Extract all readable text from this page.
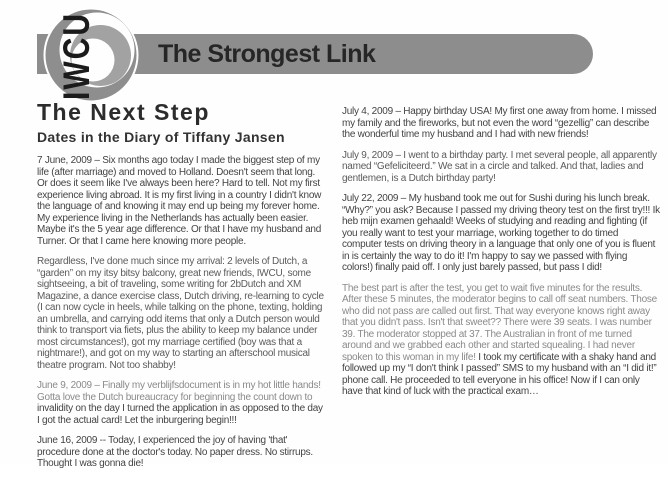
The Strongest Link
IWCU
The Next Step
Dates in the Diary of Tiffany Jansen

7 June, 2009 – Six months ago today I made the biggest step of my life (after marriage) and moved to Holland. Doesn't seem that long. Or does it seem like I've always been here? Hard to tell. Not my first experience living abroad. It is my first living in a country I didn't know the language of and knowing it may end up being my forever home. My experience living in the Netherlands has actually been easier. Maybe it's the 5 year age difference. Or that I have my husband and Turner. Or that I came here knowing more people.

Regardless, I've done much since my arrival: 2 levels of Dutch, a “garden” on my itsy bitsy balcony, great new friends, IWCU, some sightseeing, a bit of traveling, some writing for 2bDutch and XM Magazine, a dance exercise class, Dutch driving, re-learning to cycle (I can now cycle in heels, while talking on the phone, texting, holding an umbrella, and carrying odd items that only a Dutch person would think to transport via fiets, plus the ability to keep my balance under most circumstances!), got my marriage certified (boy was that a nightmare!), and got on my way to starting an afterschool musical theatre program. Not too shabby!

June 9, 2009 – Finally my verblijfsdocument is in my hot little hands! Gotta love the Dutch bureaucracy for beginning the count down to invalidity on the day I turned the application in as opposed to the day I got the actual card! Let the inburgering begin!!!

June 16, 2009 -- Today, I experienced the joy of having 'that' procedure done at the doctor's today. No paper dress. No stirrups. Thought I was gonna die!

July 4, 2009 – Happy birthday USA! My first one away from home. I missed my family and the fireworks, but not even the word “gezellig” can describe the wonderful time my husband and I had with new friends!

July 9, 2009 – I went to a birthday party. I met several people, all apparently named “Gefeliciteerd.” We sat in a circle and talked. And that, ladies and gentlemen, is a Dutch birthday party!

July 22, 2009 – My husband took me out for Sushi during his lunch break. “Why?” you ask? Because I passed my driving theory test on the first try!!! Ik heb mijn examen gehaald! Weeks of studying and reading and fighting (if you really want to test your marriage, working together to do timed computer tests on driving theory in a language that only one of you is fluent in is certainly the way to do it! I'm happy to say we passed with flying colors!) finally paid off. I only just barely passed, but pass I did!

The best part is after the test, you get to wait five minutes for the results. After these 5 minutes, the moderator begins to call off seat numbers. Those who did not pass are called out first. That way everyone knows right away that you didn't pass. Isn't that sweet?? There were 39 seats. I was number 39. The moderator stopped at 37. The Australian in front of me turned around and we grabbed each other and started squealing. I had never spoken to this woman in my life! I took my certificate with a shaky hand and followed up my “I don't think I passed” SMS to my husband with an “I did it!” phone call. He proceeded to tell everyone in his office! Now if I can only have that kind of luck with the practical exam…
